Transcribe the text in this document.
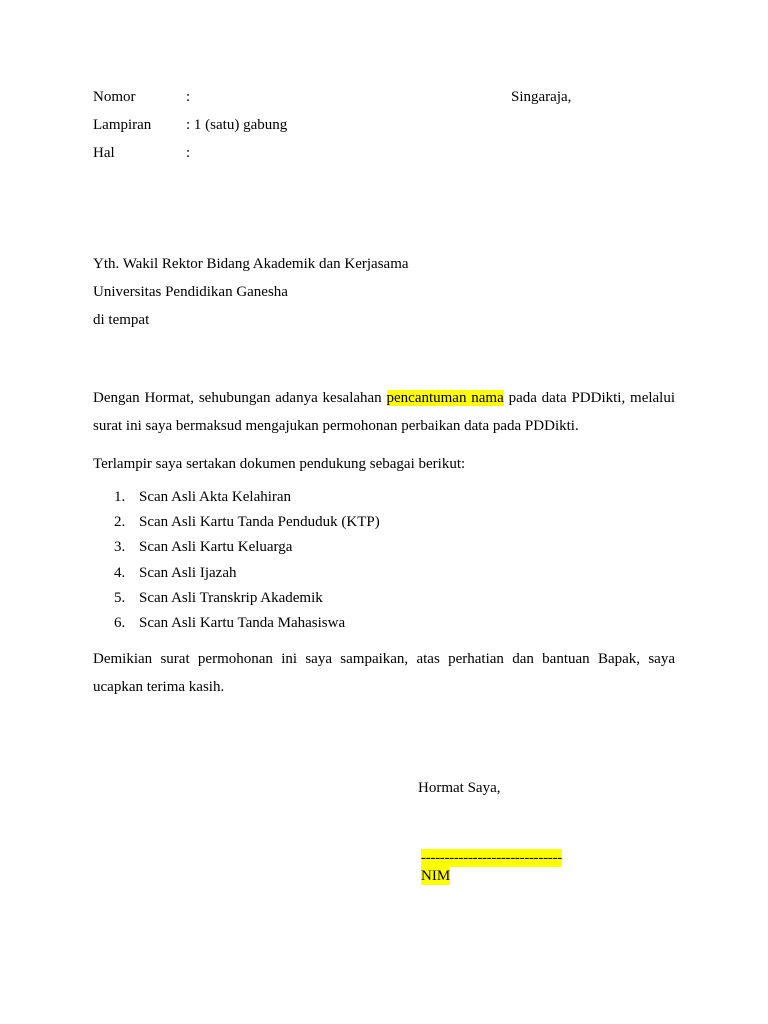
Nomor	:	Singaraja,
Lampiran : 1 (satu) gabung
Hal	:
Yth. Wakil Rektor Bidang Akademik dan Kerjasama
Universitas Pendidikan Ganesha
di tempat
Dengan Hormat, sehubungan adanya kesalahan pencantuman nama pada data PDDikti, melalui surat ini saya bermaksud mengajukan permohonan perbaikan data pada PDDikti.
Terlampir saya sertakan dokumen pendukung sebagai berikut:
1. Scan Asli Akta Kelahiran
2. Scan Asli Kartu Tanda Penduduk (KTP)
3. Scan Asli Kartu Keluarga
4. Scan Asli Ijazah
5. Scan Asli Transkrip Akademik
6. Scan Asli Kartu Tanda Mahasiswa
Demikian surat permohonan ini saya sampaikan, atas perhatian dan bantuan Bapak, saya ucapkan terima kasih.
Hormat Saya,
------------------------------
NIM
